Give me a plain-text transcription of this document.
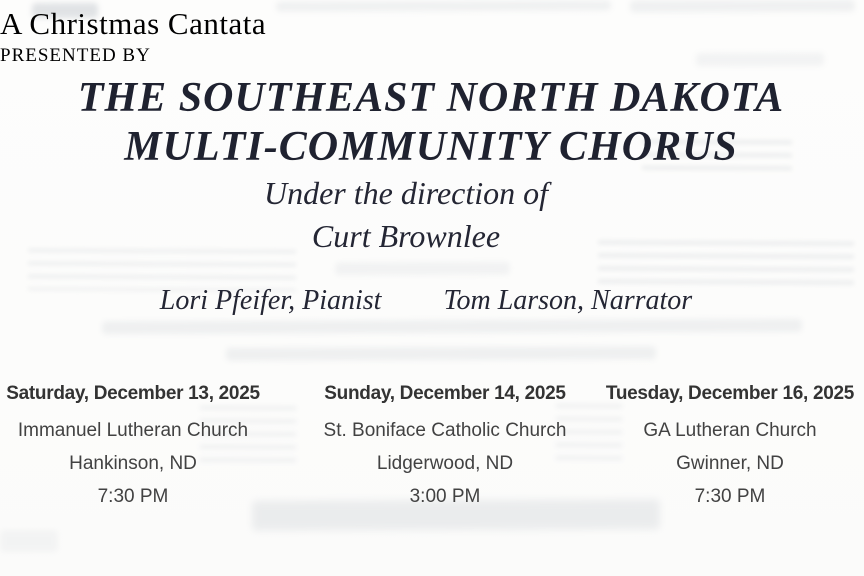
A Christmas Cantata
PRESENTED BY
THE SOUTHEAST NORTH DAKOTA
MULTI-COMMUNITY CHORUS
Under the direction of
Curt Brownlee
Lori Pfeifer, Pianist Tom Larson, Narrator
Saturday, December 13, 2025
Immanuel Lutheran Church
Hankinson, ND
7:30 PM
Sunday, December 14, 2025
St. Boniface Catholic Church
Lidgerwood, ND
3:00 PM
Tuesday, December 16, 2025
GA Lutheran Church
Gwinner, ND
7:30 PM
